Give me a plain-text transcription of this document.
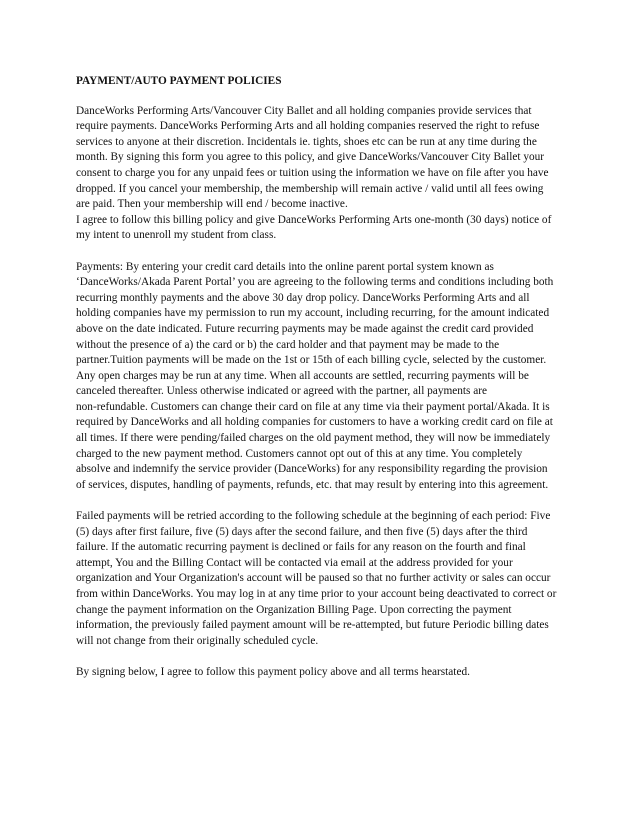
PAYMENT/AUTO PAYMENT POLICIES
DanceWorks Performing Arts/Vancouver City Ballet and all holding companies provide services that
require payments. DanceWorks Performing Arts and all holding companies reserved the right to refuse
services to anyone at their discretion. Incidentals ie. tights, shoes etc can be run at any time during the
month. By signing this form you agree to this policy, and give DanceWorks/Vancouver City Ballet your
consent to charge you for any unpaid fees or tuition using the information we have on file after you have
dropped. If you cancel your membership, the membership will remain active / valid until all fees owing
are paid. Then your membership will end / become inactive.
I agree to follow this billing policy and give DanceWorks Performing Arts one-month (30 days) notice of
my intent to unenroll my student from class.
Payments: By entering your credit card details into the online parent portal system known as
‘DanceWorks/Akada Parent Portal’ you are agreeing to the following terms and conditions including both
recurring monthly payments and the above 30 day drop policy. DanceWorks Performing Arts and all
holding companies have my permission to run my account, including recurring, for the amount indicated
above on the date indicated. Future recurring payments may be made against the credit card provided
without the presence of a) the card or b) the card holder and that payment may be made to the
partner.Tuition payments will be made on the 1st or 15th of each billing cycle, selected by the customer.
Any open charges may be run at any time. When all accounts are settled, recurring payments will be
canceled thereafter. Unless otherwise indicated or agreed with the partner, all payments are
non-refundable. Customers can change their card on file at any time via their payment portal/Akada. It is
required by DanceWorks and all holding companies for customers to have a working credit card on file at
all times. If there were pending/failed charges on the old payment method, they will now be immediately
charged to the new payment method. Customers cannot opt out of this at any time. You completely
absolve and indemnify the service provider (DanceWorks) for any responsibility regarding the provision
of services, disputes, handling of payments, refunds, etc. that may result by entering into this agreement.
Failed payments will be retried according to the following schedule at the beginning of each period: Five
(5) days after first failure, five (5) days after the second failure, and then five (5) days after the third
failure. If the automatic recurring payment is declined or fails for any reason on the fourth and final
attempt, You and the Billing Contact will be contacted via email at the address provided for your
organization and Your Organization's account will be paused so that no further activity or sales can occur
from within DanceWorks. You may log in at any time prior to your account being deactivated to correct or
change the payment information on the Organization Billing Page. Upon correcting the payment
information, the previously failed payment amount will be re-attempted, but future Periodic billing dates
will not change from their originally scheduled cycle.
By signing below, I agree to follow this payment policy above and all terms hearstated.
